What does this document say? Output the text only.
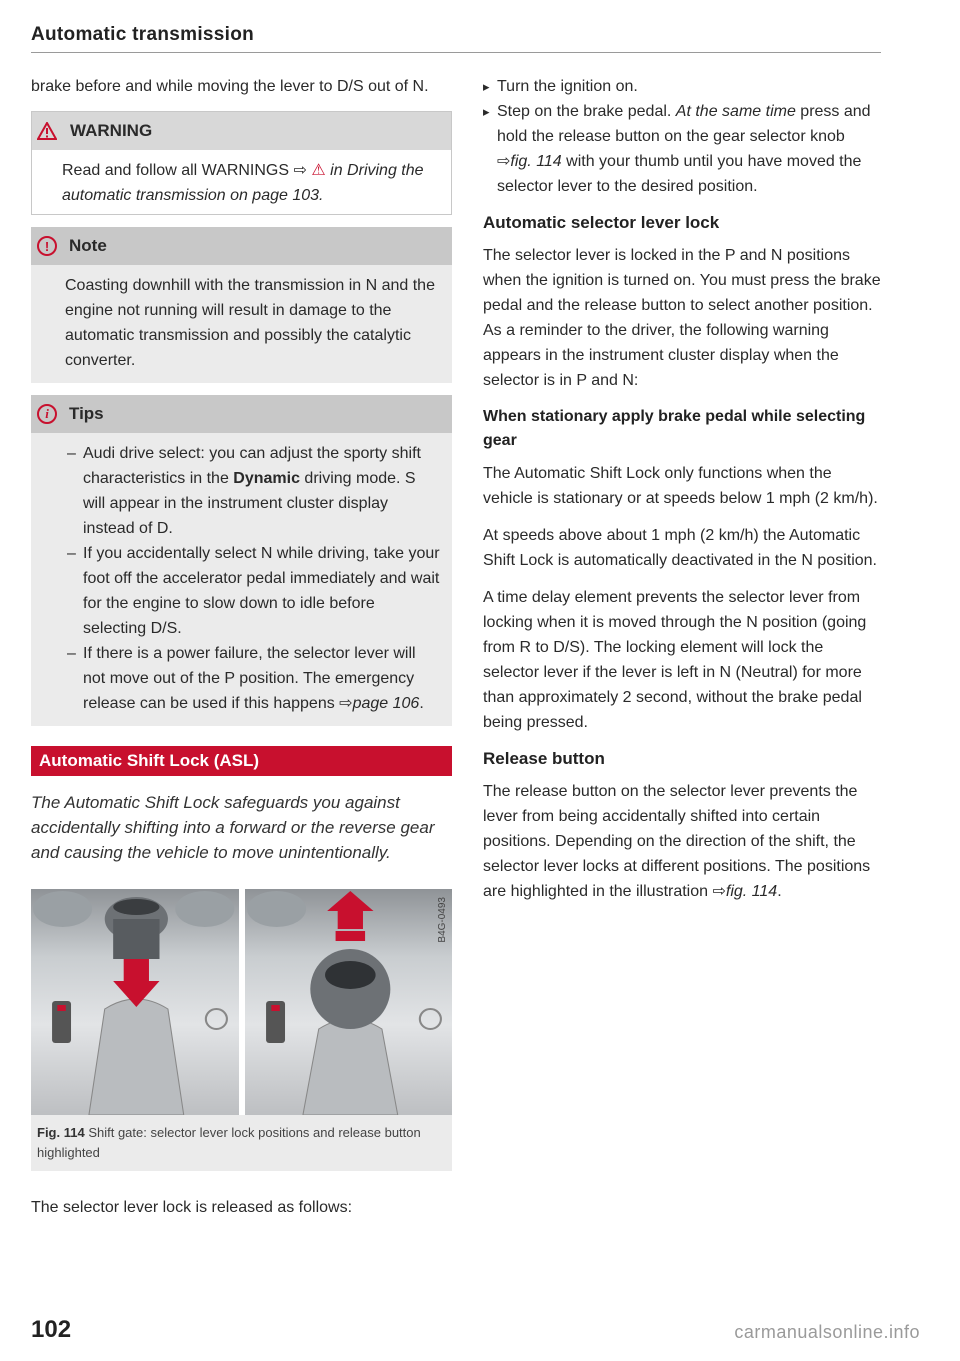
Automatic transmission

brake before and while moving the lever to D/S out of N.

WARNING

Read and follow all WARNINGS ⇨ ⚠ in Driving the automatic transmission on page 103.

!	Note

Coasting downhill with the transmission in N and the engine not running will result in damage to the automatic transmission and possibly the catalytic converter.

i	Tips
– Audi drive select: you can adjust the sporty shift characteristics in the Dynamic driving mode. S will appear in the instrument cluster display instead of D.
– If you accidentally select N while driving, take your foot off the accelerator pedal immediately and wait for the engine to slow down to idle before selecting D/S.
– If there is a power failure, the selector lever will not move out of the P position. The emergency release can be used if this happens ⇨page 106.
Automatic Shift Lock (ASL)

The Automatic Shift Lock safeguards you against accidentally shifting into a forward or the reverse gear and causing the vehicle to move unintentionally.

B4G-0493
Fig. 114 Shift gate: selector lever lock positions and release button highlighted

The selector lever lock is released as follows:

▸ Turn the ignition on.
▸ Step on the brake pedal. At the same time press and hold the release button on the gear selector knob ⇨fig. 114 with your thumb until you have moved the selector lever to the desired position.
Automatic selector lever lock

The selector lever is locked in the P and N positions when the ignition is turned on. You must press the brake pedal and the release button to select another position. As a reminder to the driver, the following warning appears in the instrument cluster display when the selector is in P and N:

When stationary apply brake pedal while selecting gear

The Automatic Shift Lock only functions when the vehicle is stationary or at speeds below 1 mph (2 km/h).

At speeds above about 1 mph (2 km/h) the Automatic Shift Lock is automatically deactivated in the N position.

A time delay element prevents the selector lever from locking when it is moved through the N position (going from R to D/S). The locking element will lock the selector lever if the lever is left in N (Neutral) for more than approximately 2 second, without the brake pedal being pressed.

Release button

The release button on the selector lever prevents the lever from being accidentally shifted into certain positions. Depending on the direction of the shift, the selector lever locks at different positions. The positions are highlighted in the illustration ⇨fig. 114.

102	carmanualsonline.info
